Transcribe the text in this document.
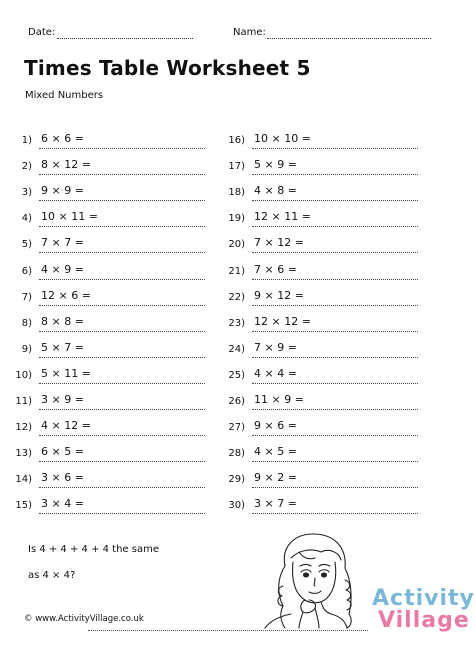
Date:	Name:
Times Table Worksheet 5
Mixed Numbers
1) 6 × 6 =
2) 8 × 12 =
3) 9 × 9 =
4) 10 × 11 =
5) 7 × 7 =
6) 4 × 9 =
7) 12 × 6 =
8) 8 × 8 =
9) 5 × 7 =
10) 5 × 11 =
11) 3 × 9 =
12) 4 × 12 =
13) 6 × 5 =
14) 3 × 6 =
15) 3 × 4 =
16) 10 × 10 =
17) 5 × 9 =
18) 4 × 8 =
19) 12 × 11 =
20) 7 × 12 =
21) 7 × 6 =
22) 9 × 12 =
23) 12 × 12 =
24) 7 × 9 =
25) 4 × 4 =
26) 11 × 9 =
27) 9 × 6 =
28) 4 × 5 =
29) 9 × 2 =
30) 3 × 7 =
Is 4 + 4 + 4 + 4 the same
as 4 × 4?
Activity
Village
© www.ActivityVillage.co.uk
